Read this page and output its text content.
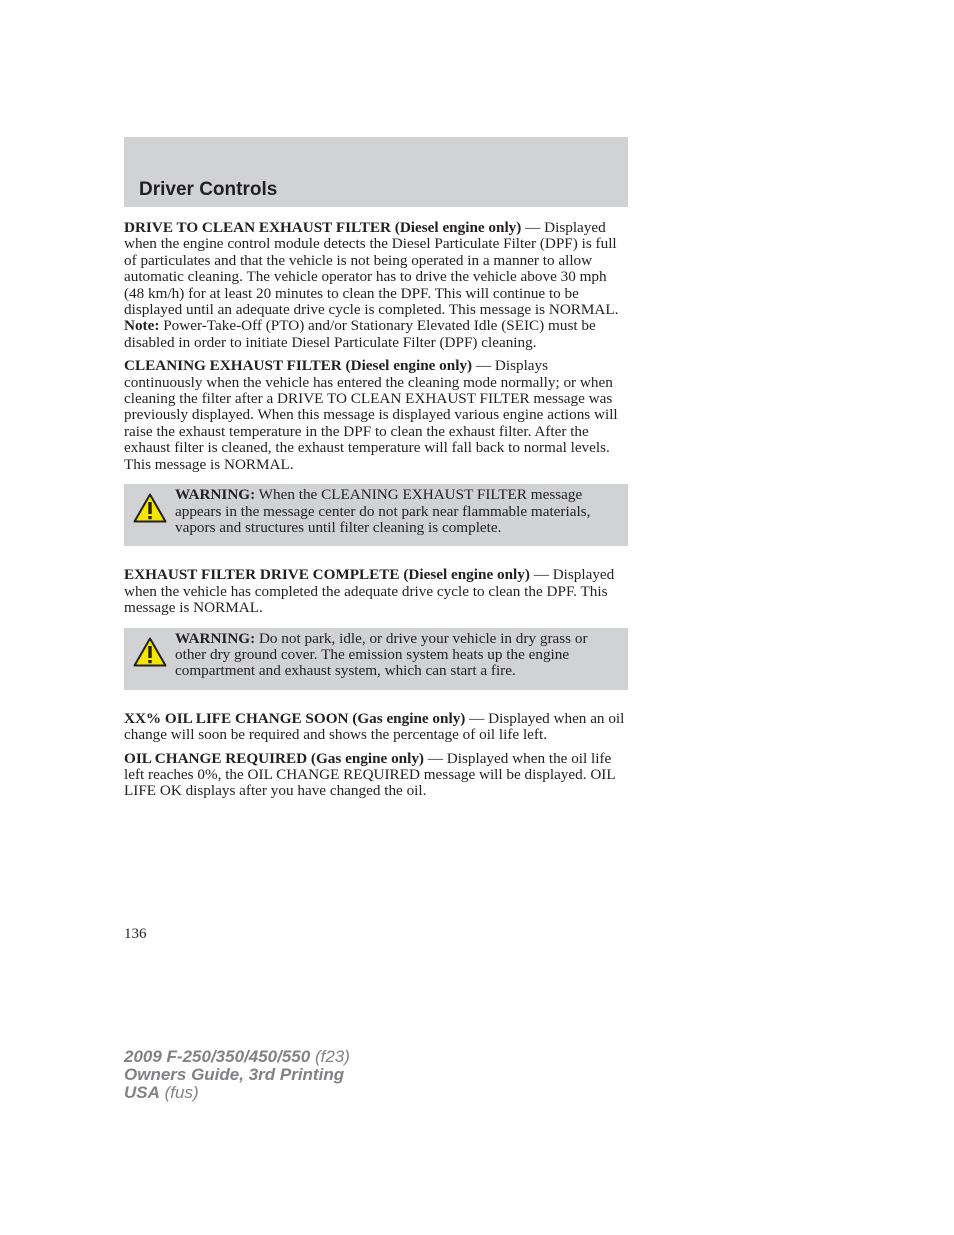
Driver Controls

DRIVE TO CLEAN EXHAUST FILTER (Diesel engine only) — Displayed when the engine control module detects the Diesel Particulate Filter (DPF) is full of particulates and that the vehicle is not being operated in a manner to allow automatic cleaning. The vehicle operator has to drive the vehicle above 30 mph (48 km/h) for at least 20 minutes to clean the DPF. This will continue to be displayed until an adequate drive cycle is completed. This message is NORMAL. Note: Power-Take-Off (PTO) and/or Stationary Elevated Idle (SEIC) must be disabled in order to initiate Diesel Particulate Filter (DPF) cleaning.

CLEANING EXHAUST FILTER (Diesel engine only) — Displays continuously when the vehicle has entered the cleaning mode normally; or when cleaning the filter after a DRIVE TO CLEAN EXHAUST FILTER message was previously displayed. When this message is displayed various engine actions will raise the exhaust temperature in the DPF to clean the exhaust filter. After the exhaust filter is cleaned, the exhaust temperature will fall back to normal levels. This message is NORMAL.

WARNING: When the CLEANING EXHAUST FILTER message appears in the message center do not park near flammable materials, vapors and structures until filter cleaning is complete.

EXHAUST FILTER DRIVE COMPLETE (Diesel engine only) — Displayed when the vehicle has completed the adequate drive cycle to clean the DPF. This message is NORMAL.

WARNING: Do not park, idle, or drive your vehicle in dry grass or other dry ground cover. The emission system heats up the engine compartment and exhaust system, which can start a fire.

XX% OIL LIFE CHANGE SOON (Gas engine only) — Displayed when an oil change will soon be required and shows the percentage of oil life left.

OIL CHANGE REQUIRED (Gas engine only) — Displayed when the oil life left reaches 0%, the OIL CHANGE REQUIRED message will be displayed. OIL LIFE OK displays after you have changed the oil.

136
2009 F-250/350/450/550 (f23)
Owners Guide, 3rd Printing
USA (fus)
